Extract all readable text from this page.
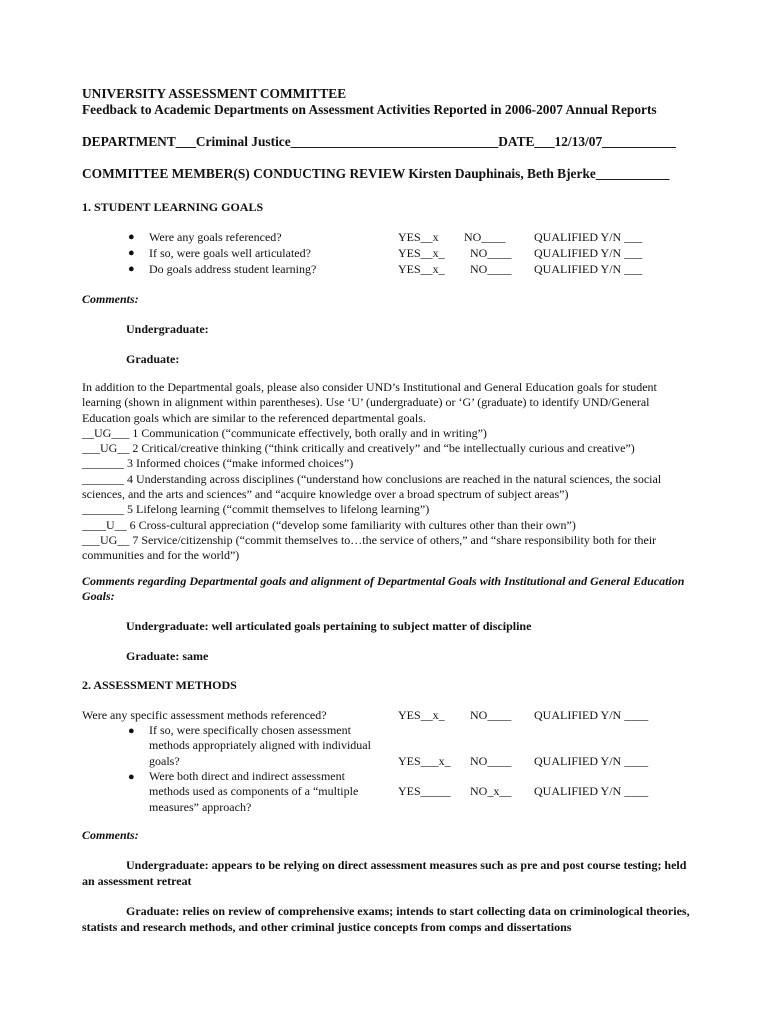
UNIVERSITY ASSESSMENT COMMITTEE
Feedback to Academic Departments on Assessment Activities Reported in 2006-2007 Annual Reports
DEPARTMENT___Criminal Justice_______________________________DATE___12/13/07___________
COMMITTEE MEMBER(S) CONDUCTING REVIEW Kirsten Dauphinais, Beth Bjerke___________
1. STUDENT LEARNING GOALS
● Were any goals referenced?	YES__x NO____ QUALIFIED Y/N ___
● If so, were goals well articulated?	YES__x_ NO____ QUALIFIED Y/N ___
● Do goals address student learning?	YES__x_ NO____ QUALIFIED Y/N ___
Comments:
Undergraduate:
Graduate:
In addition to the Departmental goals, please also consider UND’s Institutional and General Education goals for student
learning (shown in alignment within parentheses). Use ‘U’ (undergraduate) or ‘G’ (graduate) to identify UND/General
Education goals which are similar to the referenced departmental goals.
__UG___ 1 Communication (“communicate effectively, both orally and in writing”)
___UG__ 2 Critical/creative thinking (“think critically and creatively” and “be intellectually curious and creative”)
_______ 3 Informed choices (“make informed choices”)
_______ 4 Understanding across disciplines (“understand how conclusions are reached in the natural sciences, the social
sciences, and the arts and sciences” and “acquire knowledge over a broad spectrum of subject areas”)
_______ 5 Lifelong learning (“commit themselves to lifelong learning”)
____U__ 6 Cross-cultural appreciation (“develop some familiarity with cultures other than their own”)
___UG__ 7 Service/citizenship (“commit themselves to…the service of others,” and “share responsibility both for their
communities and for the world”)
Comments regarding Departmental goals and alignment of Departmental Goals with Institutional and General Education
Goals:
Undergraduate: well articulated goals pertaining to subject matter of discipline
Graduate: same
2. ASSESSMENT METHODS
Were any specific assessment methods referenced?	YES__x_ NO____ QUALIFIED Y/N ____
● If so, were specifically chosen assessment
methods appropriately aligned with individual
goals?	YES___x_ NO____ QUALIFIED Y/N ____
● Were both direct and indirect assessment
methods used as components of a “multiple
measures” approach?
YES_____ NO_x__ QUALIFIED Y/N ____
Comments:
Undergraduate: appears to be relying on direct assessment measures such as pre and post course testing; held
an assessment retreat
Graduate: relies on review of comprehensive exams; intends to start collecting data on criminological theories,
statists and research methods, and other criminal justice concepts from comps and dissertations
